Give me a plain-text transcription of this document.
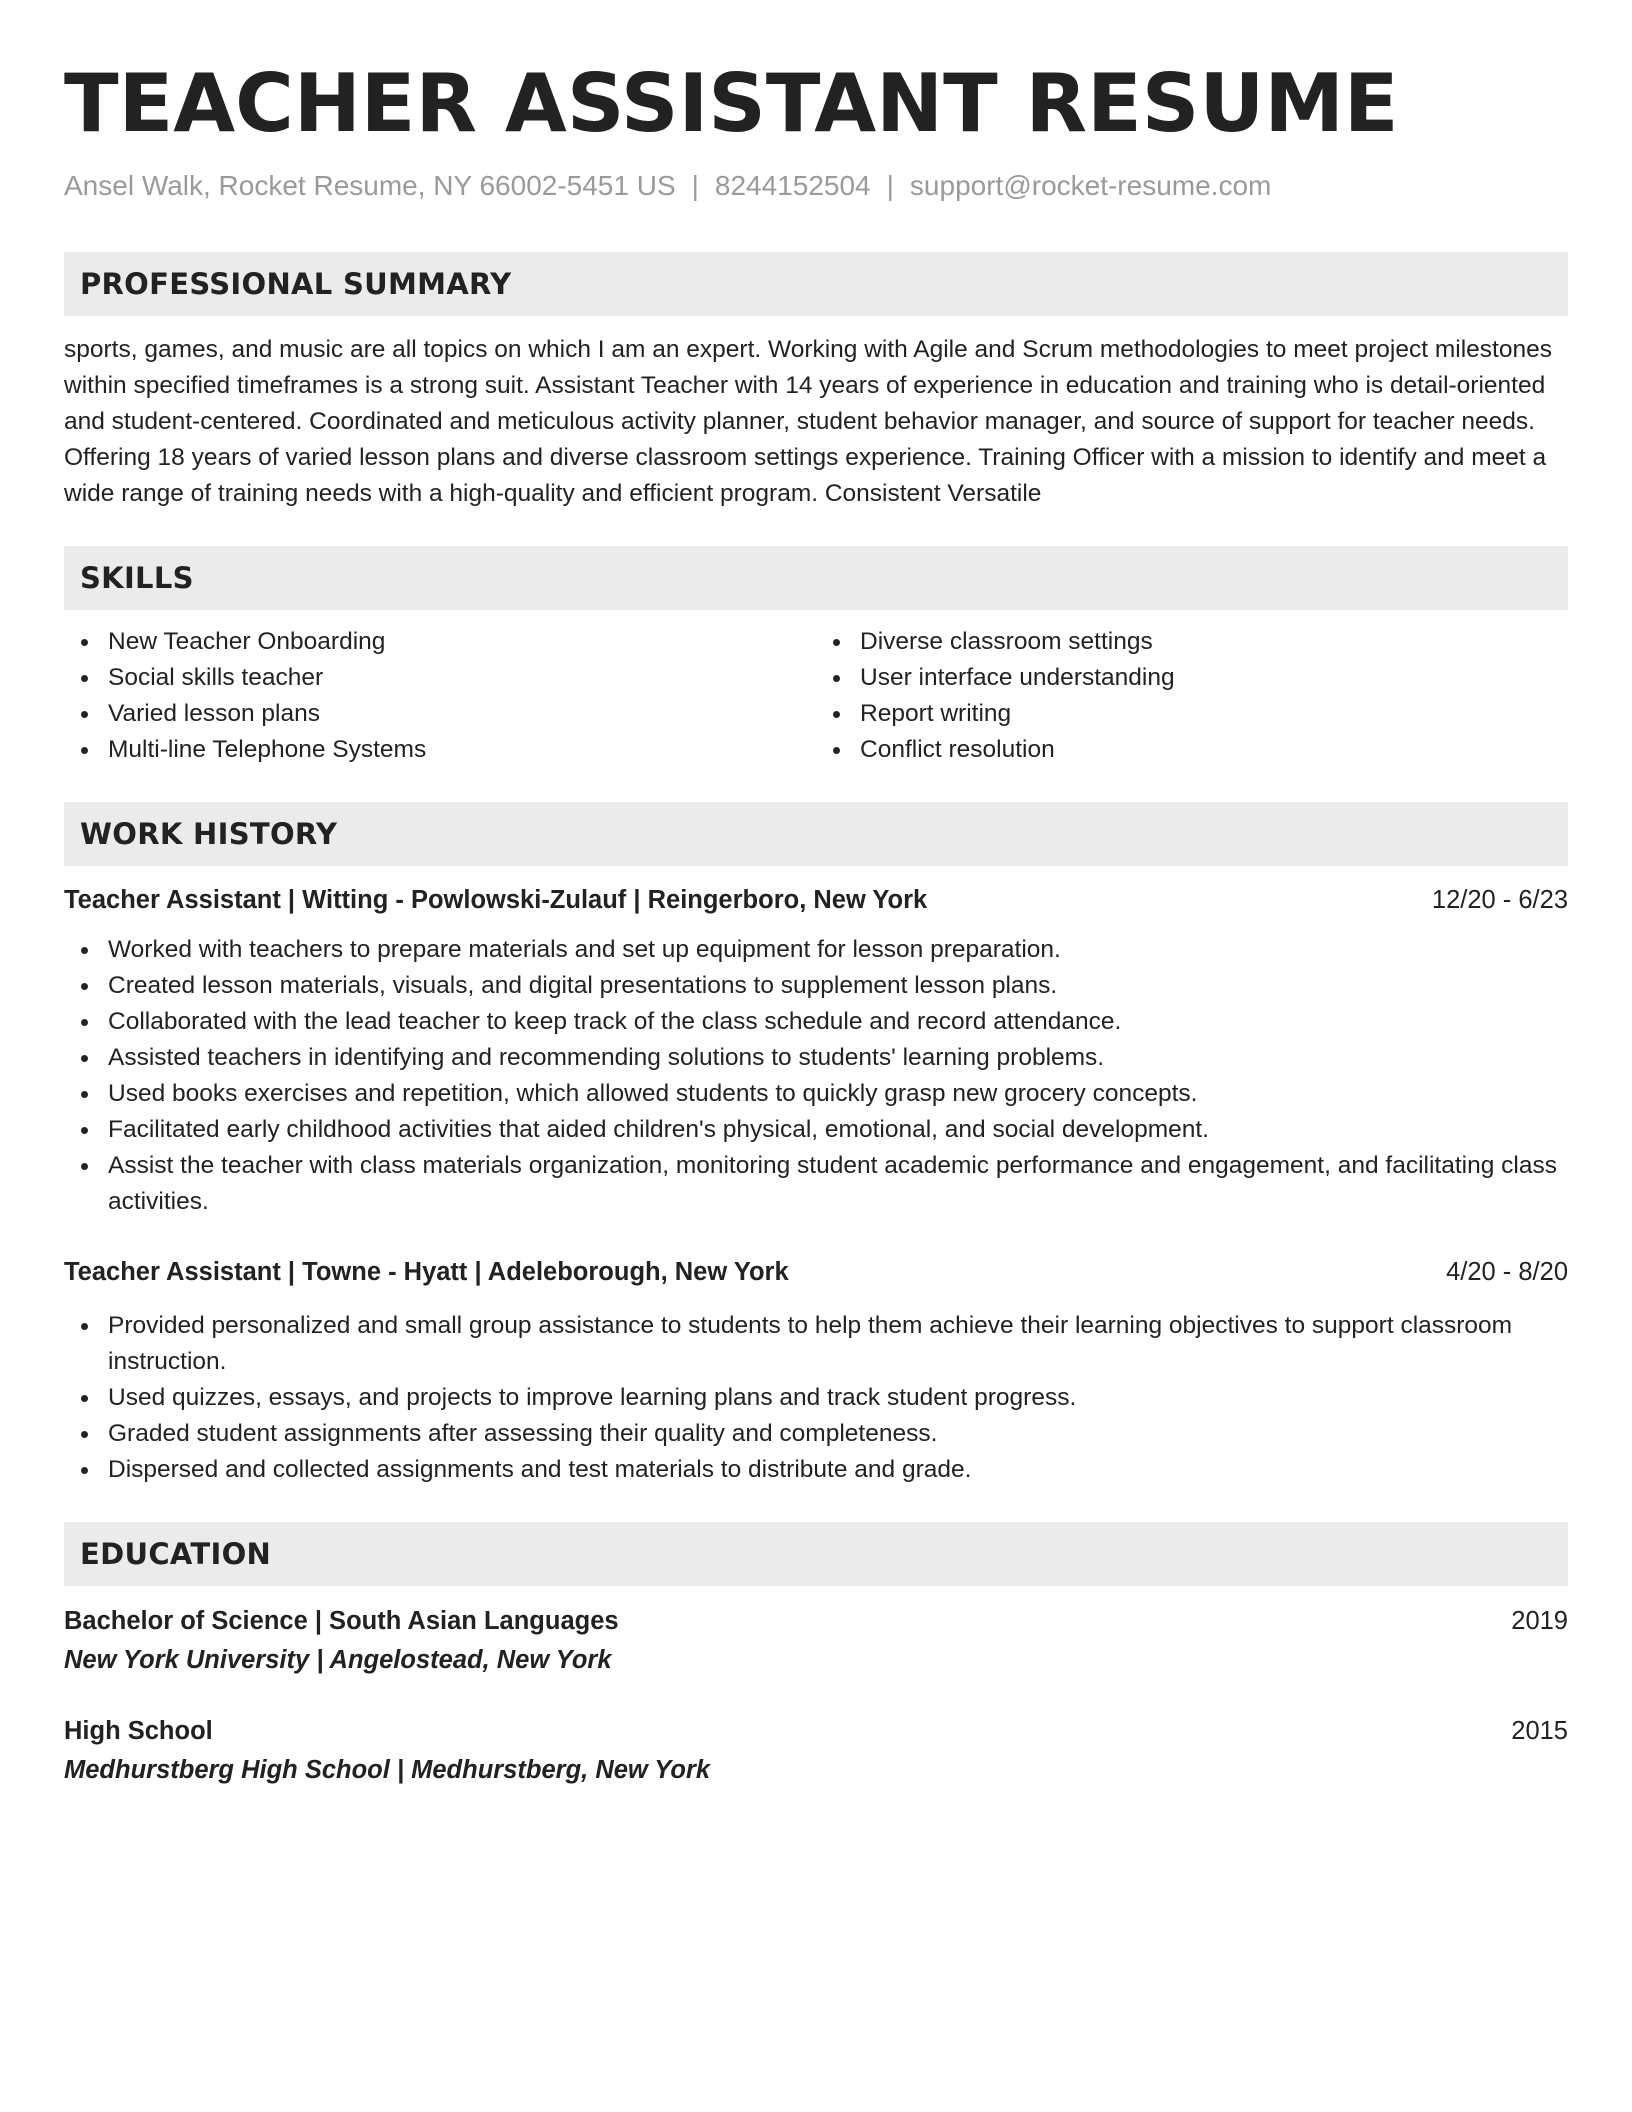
TEACHER ASSISTANT RESUME
Ansel Walk, Rocket Resume, NY 66002-5451 US | 8244152504 | support@rocket-resume.com
PROFESSIONAL SUMMARY
sports, games, and music are all topics on which I am an expert. Working with Agile and Scrum methodologies to meet project milestones within specified timeframes is a strong suit. Assistant Teacher with 14 years of experience in education and training who is detail-oriented and student-centered. Coordinated and meticulous activity planner, student behavior manager, and source of support for teacher needs. Offering 18 years of varied lesson plans and diverse classroom settings experience. Training Officer with a mission to identify and meet a wide range of training needs with a high-quality and efficient program. Consistent Versatile
SKILLS
New Teacher Onboarding
Social skills teacher
Varied lesson plans
Multi-line Telephone Systems
Diverse classroom settings
User interface understanding
Report writing
Conflict resolution
WORK HISTORY
Teacher Assistant | Witting - Powlowski-Zulauf | Reingerboro, New York	12/20 - 6/23
Worked with teachers to prepare materials and set up equipment for lesson preparation.
Created lesson materials, visuals, and digital presentations to supplement lesson plans.
Collaborated with the lead teacher to keep track of the class schedule and record attendance.
Assisted teachers in identifying and recommending solutions to students' learning problems.
Used books exercises and repetition, which allowed students to quickly grasp new grocery concepts.
Facilitated early childhood activities that aided children's physical, emotional, and social development.
Assist the teacher with class materials organization, monitoring student academic performance and engagement, and facilitating class activities.
Teacher Assistant | Towne - Hyatt | Adeleborough, New York	4/20 - 8/20
Provided personalized and small group assistance to students to help them achieve their learning objectives to support classroom instruction.
Used quizzes, essays, and projects to improve learning plans and track student progress.
Graded student assignments after assessing their quality and completeness.
Dispersed and collected assignments and test materials to distribute and grade.
EDUCATION
Bachelor of Science | South Asian Languages	2019
New York University | Angelostead, New York
High School	2015
Medhurstberg High School | Medhurstberg, New York
